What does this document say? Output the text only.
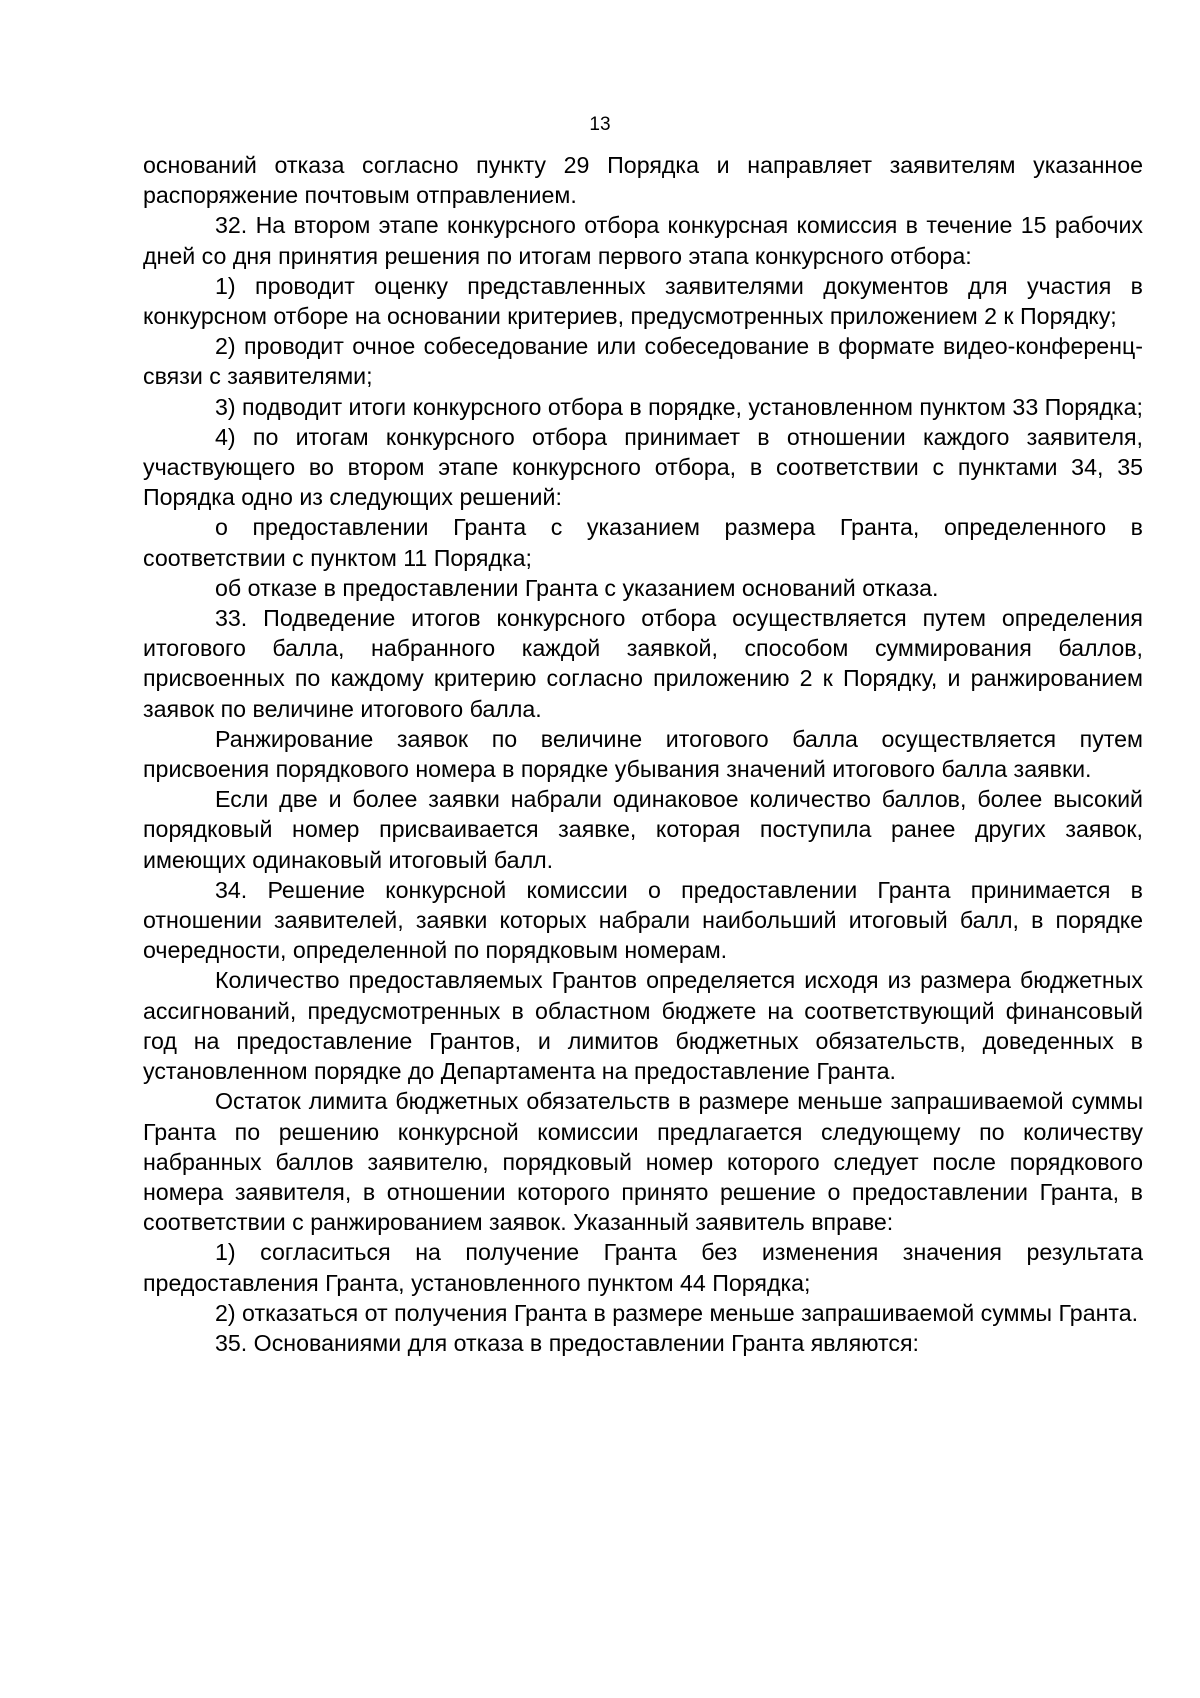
13

оснований отказа согласно пункту 29 Порядка и направляет заявителям указанное распоряжение почтовым отправлением.

32. На втором этапе конкурсного отбора конкурсная комиссия в течение 15 рабочих дней со дня принятия решения по итогам первого этапа конкурсного отбора:

1) проводит оценку представленных заявителями документов для участия в конкурсном отборе на основании критериев, предусмотренных приложением 2 к Порядку;

2) проводит очное собеседование или собеседование в формате видео-конференц-связи с заявителями;

3) подводит итоги конкурсного отбора в порядке, установленном пунктом 33 Порядка;

4) по итогам конкурсного отбора принимает в отношении каждого заявителя, участвующего во втором этапе конкурсного отбора, в соответствии с пунктами 34, 35 Порядка одно из следующих решений:

о предоставлении Гранта с указанием размера Гранта, определенного в соответствии с пунктом 11 Порядка;

об отказе в предоставлении Гранта с указанием оснований отказа.

33. Подведение итогов конкурсного отбора осуществляется путем определения итогового балла, набранного каждой заявкой, способом суммирования баллов, присвоенных по каждому критерию согласно приложению 2 к Порядку, и ранжированием заявок по величине итогового балла.

Ранжирование заявок по величине итогового балла осуществляется путем присвоения порядкового номера в порядке убывания значений итогового балла заявки.

Если две и более заявки набрали одинаковое количество баллов, более высокий порядковый номер присваивается заявке, которая поступила ранее других заявок, имеющих одинаковый итоговый балл.

34. Решение конкурсной комиссии о предоставлении Гранта принимается в отношении заявителей, заявки которых набрали наибольший итоговый балл, в порядке очередности, определенной по порядковым номерам.

Количество предоставляемых Грантов определяется исходя из размера бюджетных ассигнований, предусмотренных в областном бюджете на соответствующий финансовый год на предоставление Грантов, и лимитов бюджетных обязательств, доведенных в установленном порядке до Департамента на предоставление Гранта.

Остаток лимита бюджетных обязательств в размере меньше запрашиваемой суммы Гранта по решению конкурсной комиссии предлагается следующему по количеству набранных баллов заявителю, порядковый номер которого следует после порядкового номера заявителя, в отношении которого принято решение о предоставлении Гранта, в соответствии с ранжированием заявок. Указанный заявитель вправе:

1) согласиться на получение Гранта без изменения значения результата предоставления Гранта, установленного пунктом 44 Порядка;

2) отказаться от получения Гранта в размере меньше запрашиваемой суммы Гранта.

35. Основаниями для отказа в предоставлении Гранта являются:
